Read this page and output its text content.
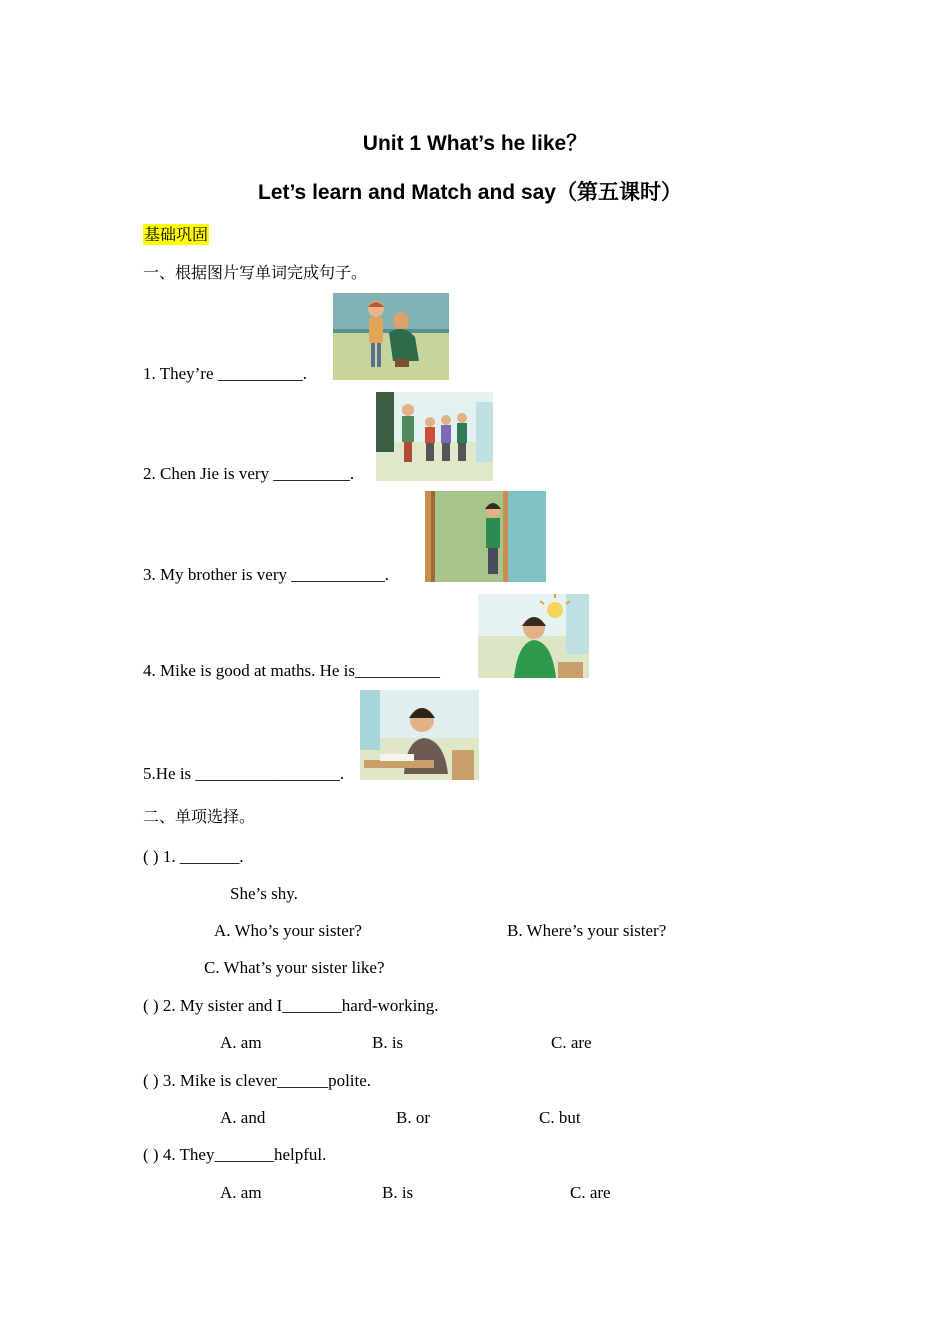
Unit 1 What’s he like？
Let’s learn and Match and say（第五课时）
基础巩固
一、根据图片写单词完成句子。
1. They’re __________.
2. Chen Jie is very _________.
3. My brother is very ___________.
4. Mike is good at maths. He is__________
5.He is _________________.
二、单项选择。
( ) 1. _______.
She’s shy.
A. Who’s your sister?	B. Where’s your sister?
C. What’s your sister like?
( ) 2. My sister and I_______hard-working.
A. am	B. is	C. are
( ) 3. Mike is clever______polite.
A. and	B. or	C. but
( ) 4. They_______helpful.
A. am	B. is	C. are
